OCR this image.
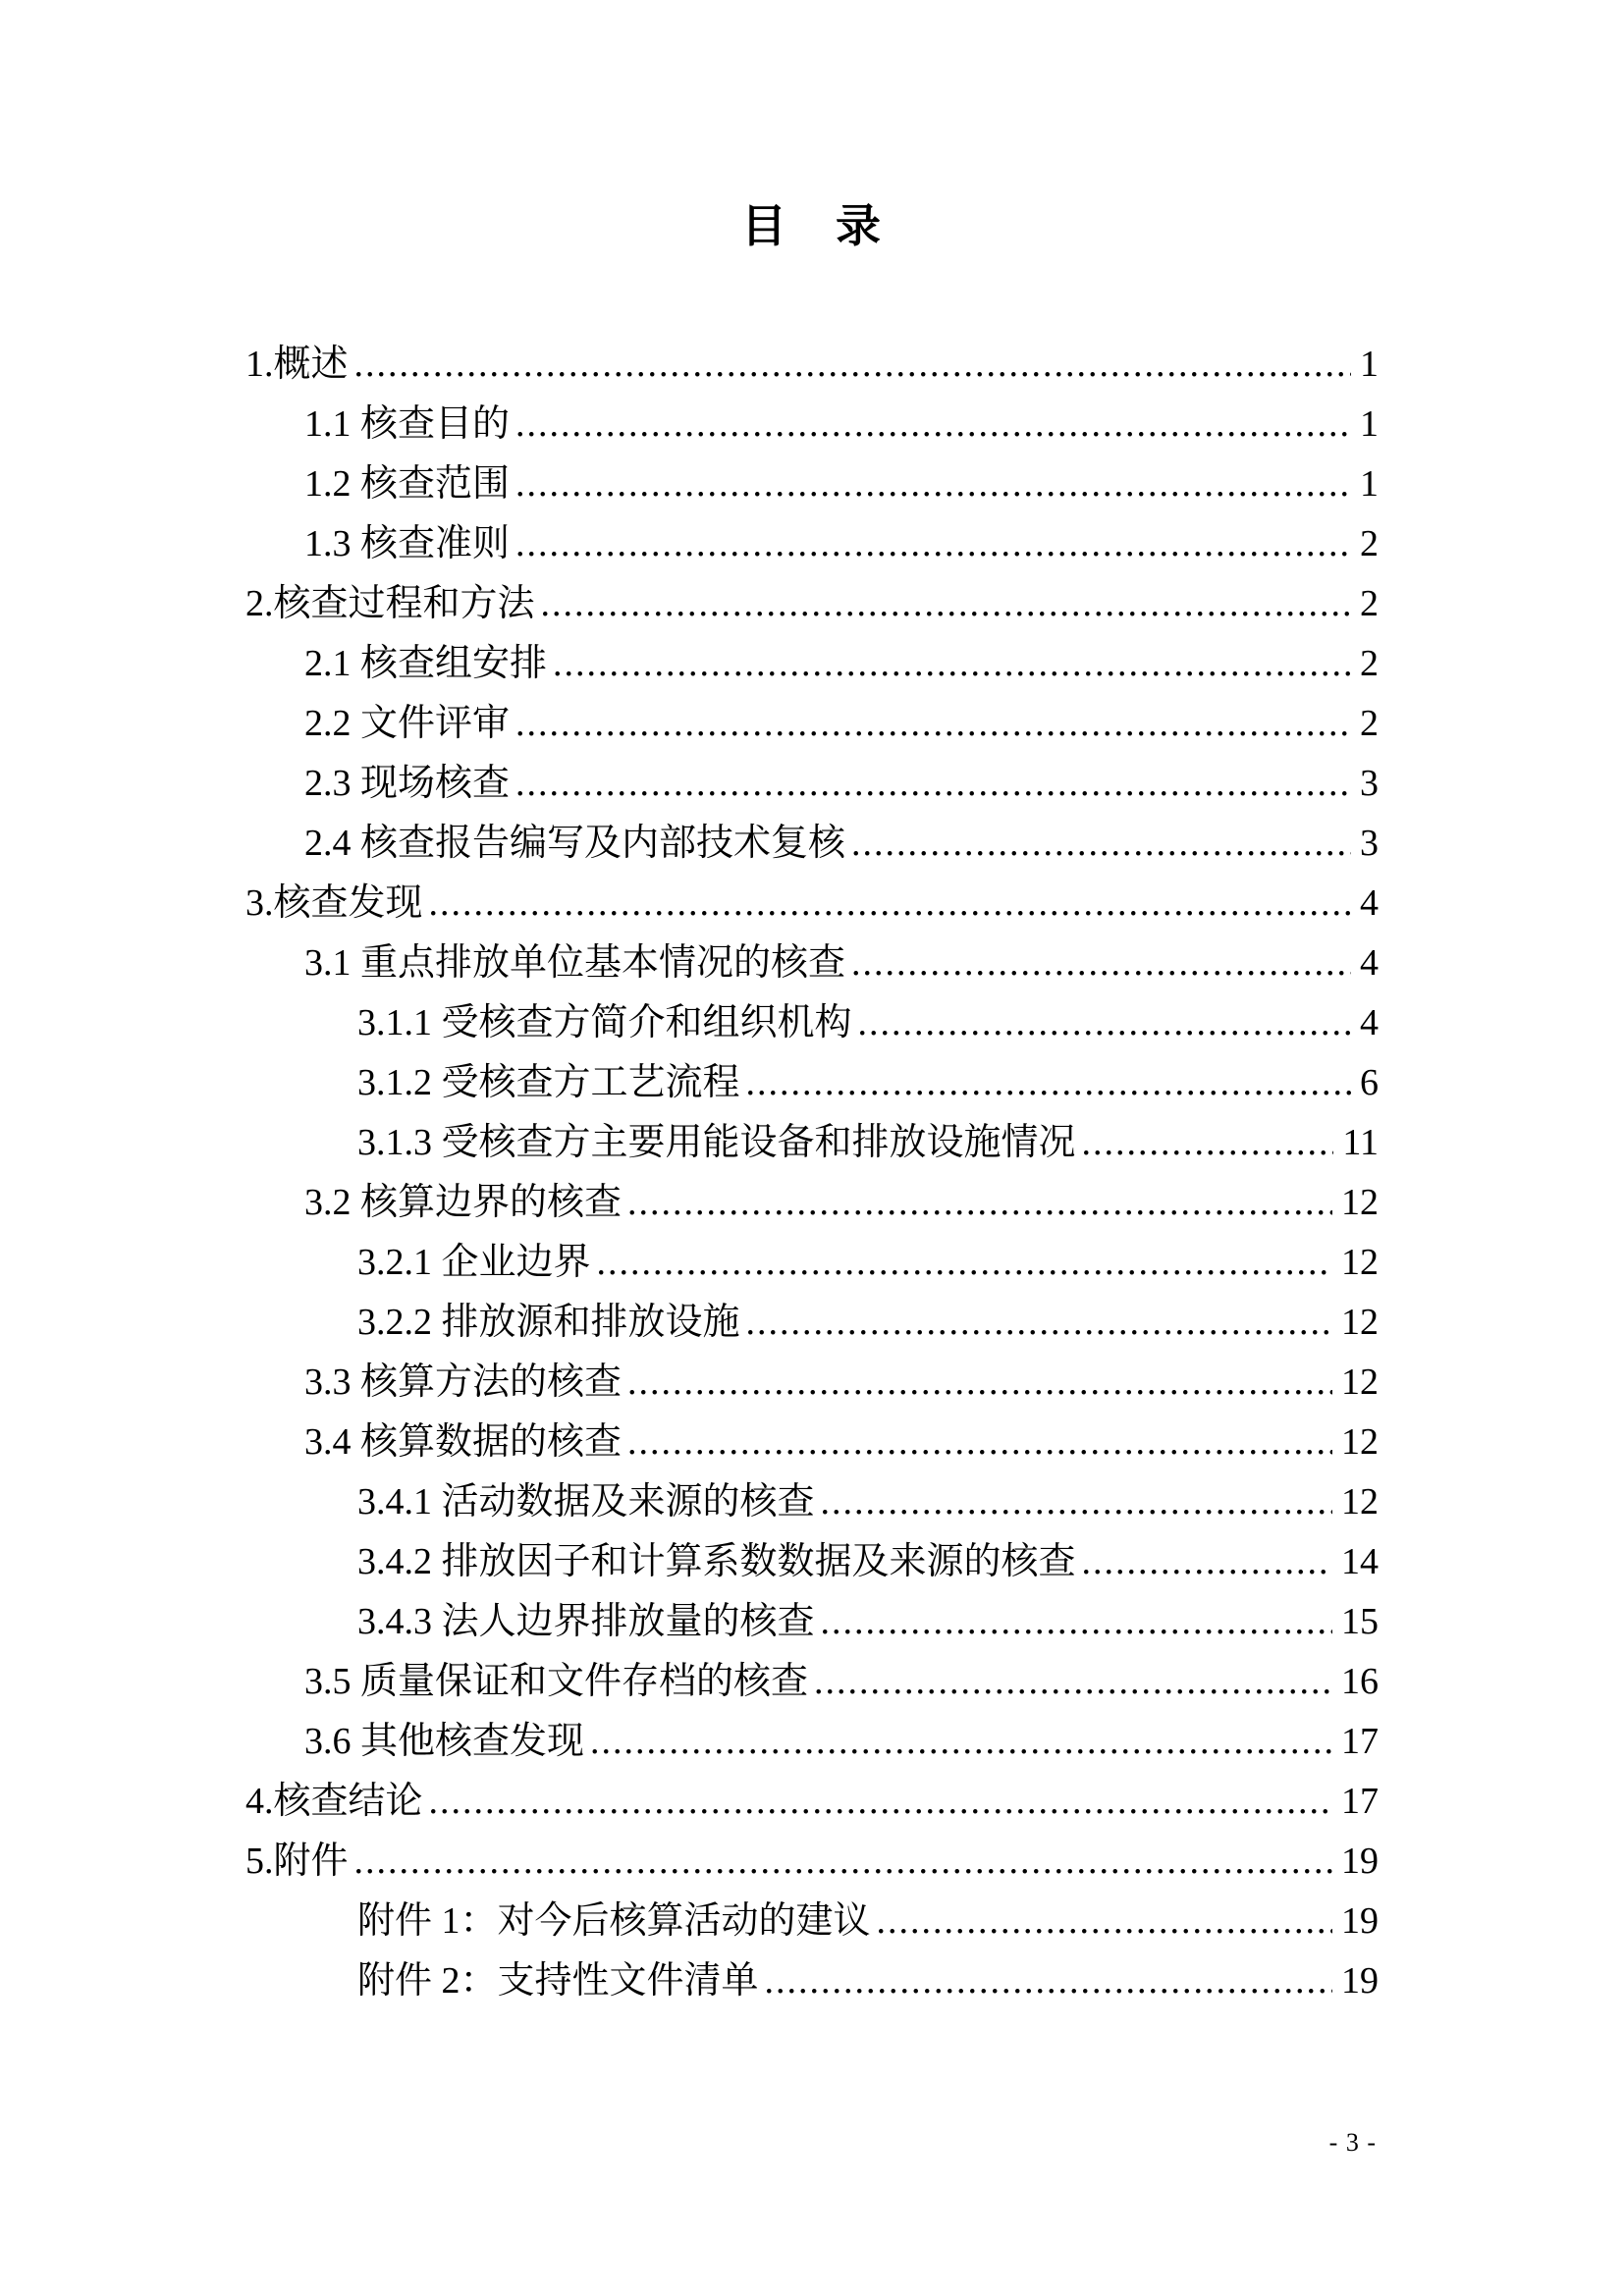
目　录
1.概述 .....	1
1.1 核查目的 .....	1
1.2 核查范围 .....	1
1.3 核查准则 .....	2
2.核查过程和方法 .....	2
2.1 核查组安排 .....	2
2.2 文件评审 .....	2
2.3 现场核查 .....	3
2.4 核查报告编写及内部技术复核 .....	3
3.核查发现 .....	4
3.1 重点排放单位基本情况的核查 .....	4
3.1.1 受核查方简介和组织机构 .....	4
3.1.2 受核查方工艺流程 .....	6
3.1.3 受核查方主要用能设备和排放设施情况 .....	11
3.2 核算边界的核查 .....	12
3.2.1 企业边界 .....	12
3.2.2 排放源和排放设施 .....	12
3.3 核算方法的核查 .....	12
3.4 核算数据的核查 .....	12
3.4.1 活动数据及来源的核查 .....	12
3.4.2 排放因子和计算系数数据及来源的核查 .....	14
3.4.3 法人边界排放量的核查 .....	15
3.5 质量保证和文件存档的核查 .....	16
3.6 其他核查发现 .....	17
4.核查结论 .....	17
5.附件 .....	19
附件 1：对今后核算活动的建议 .....	19
附件 2：支持性文件清单 .....	19
- 3 -
